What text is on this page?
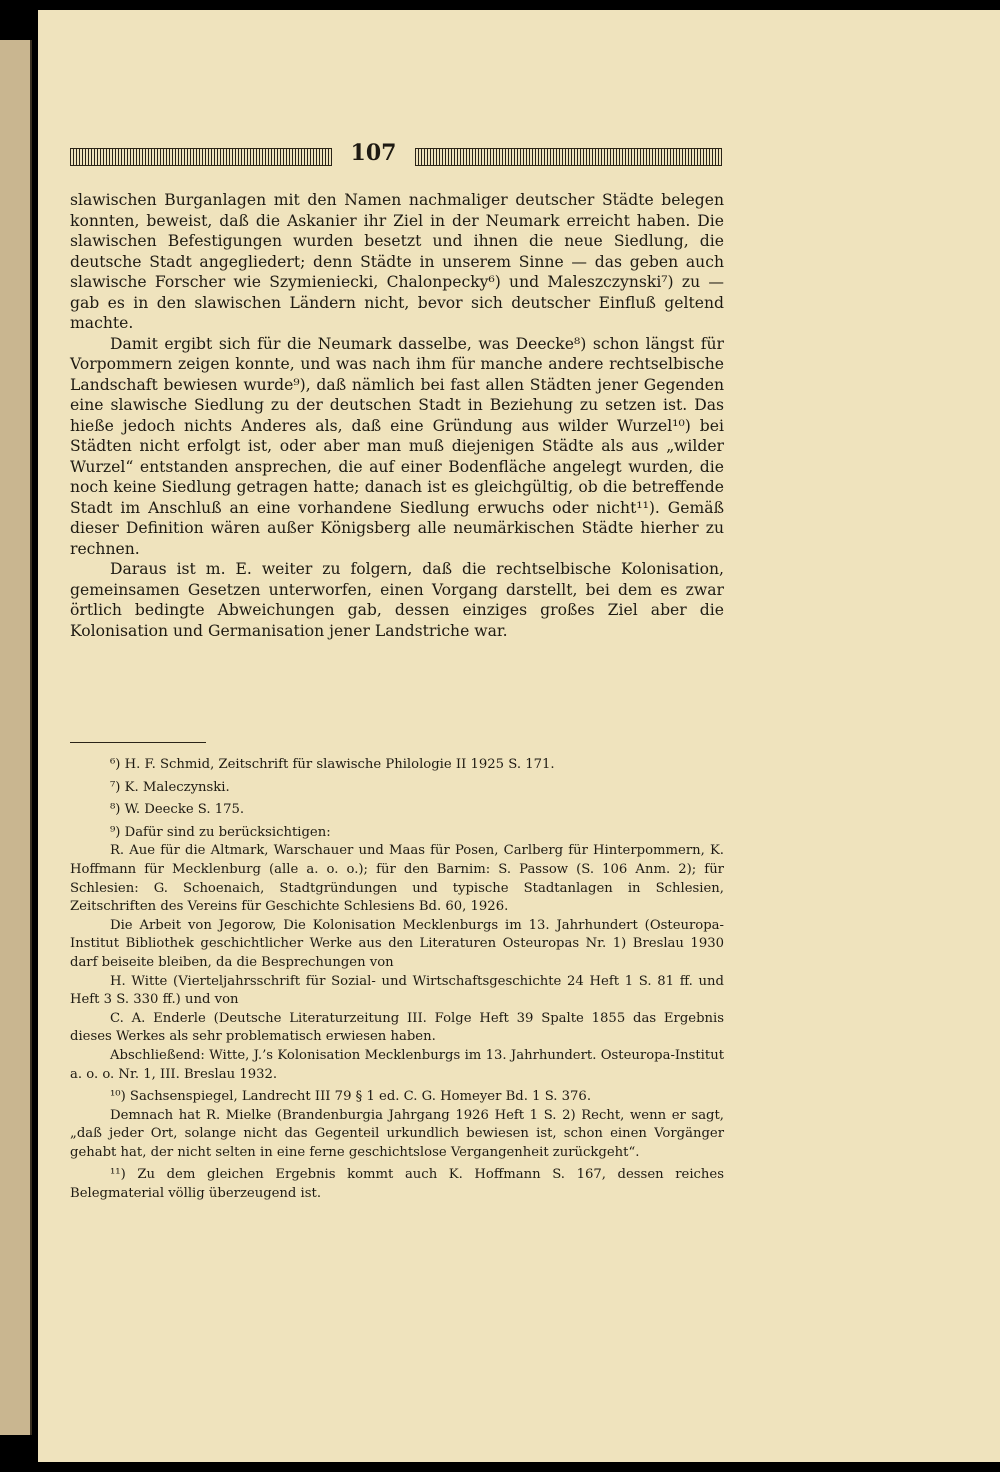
107

slawischen Burganlagen mit den Namen nachmaliger deutscher Städte belegen konnten, beweist, daß die Askanier ihr Ziel in der Neumark erreicht haben. Die slawischen Befestigungen wurden besetzt und ihnen die neue Siedlung, die deutsche Stadt angegliedert; denn Städte in unserem Sinne — das geben auch slawische Forscher wie Szymieniecki, Chalonpecky⁶) und Maleszczynski⁷) zu — gab es in den slawischen Ländern nicht, bevor sich deutscher Einfluß geltend machte.

Damit ergibt sich für die Neumark dasselbe, was Deecke⁸) schon längst für Vorpommern zeigen konnte, und was nach ihm für manche andere rechtselbische Landschaft bewiesen wurde⁹), daß nämlich bei fast allen Städten jener Gegenden eine slawische Siedlung zu der deutschen Stadt in Beziehung zu setzen ist. Das hieße jedoch nichts Anderes als, daß eine Gründung aus wilder Wurzel¹⁰) bei Städten nicht erfolgt ist, oder aber man muß diejenigen Städte als aus „wilder Wurzel“ entstanden ansprechen, die auf einer Bodenfläche angelegt wurden, die noch keine Siedlung getragen hatte; danach ist es gleichgültig, ob die betreffende Stadt im Anschluß an eine vorhandene Siedlung erwuchs oder nicht¹¹). Gemäß dieser Definition wären außer Königsberg alle neumärkischen Städte hierher zu rechnen.

Daraus ist m. E. weiter zu folgern, daß die rechtselbische Kolonisation, gemeinsamen Gesetzen unterworfen, einen Vorgang darstellt, bei dem es zwar örtlich bedingte Abweichungen gab, dessen einziges großes Ziel aber die Kolonisation und Germanisation jener Landstriche war.

⁶) H. F. Schmid, Zeitschrift für slawische Philologie II 1925 S. 171.

⁷) K. Maleczynski.

⁸) W. Deecke S. 175.

⁹) Dafür sind zu berücksichtigen:

R. Aue für die Altmark, Warschauer und Maas für Posen, Carlberg für Hinterpommern, K. Hoffmann für Mecklenburg (alle a. o. o.); für den Barnim: S. Passow (S. 106 Anm. 2); für Schlesien: G. Schoenaich, Stadtgründungen und typische Stadtanlagen in Schlesien, Zeitschriften des Vereins für Geschichte Schlesiens Bd. 60, 1926.

Die Arbeit von Jegorow, Die Kolonisation Mecklenburgs im 13. Jahrhundert (Osteuropa-Institut Bibliothek geschichtlicher Werke aus den Literaturen Osteuropas Nr. 1) Breslau 1930 darf beiseite bleiben, da die Besprechungen von

H. Witte (Vierteljahrsschrift für Sozial- und Wirtschaftsgeschichte 24 Heft 1 S. 81 ff. und Heft 3 S. 330 ff.) und von

C. A. Enderle (Deutsche Literaturzeitung III. Folge Heft 39 Spalte 1855 das Ergebnis dieses Werkes als sehr problematisch erwiesen haben.

Abschließend: Witte, J.’s Kolonisation Mecklenburgs im 13. Jahrhundert. Osteuropa-Institut a. o. o. Nr. 1, III. Breslau 1932.

¹⁰) Sachsenspiegel, Landrecht III 79 § 1 ed. C. G. Homeyer Bd. 1 S. 376.

Demnach hat R. Mielke (Brandenburgia Jahrgang 1926 Heft 1 S. 2) Recht, wenn er sagt, „daß jeder Ort, solange nicht das Gegenteil urkundlich bewiesen ist, schon einen Vorgänger gehabt hat, der nicht selten in eine ferne geschichtslose Vergangenheit zurückgeht“.

¹¹) Zu dem gleichen Ergebnis kommt auch K. Hoffmann S. 167, dessen reiches Belegmaterial völlig überzeugend ist.
